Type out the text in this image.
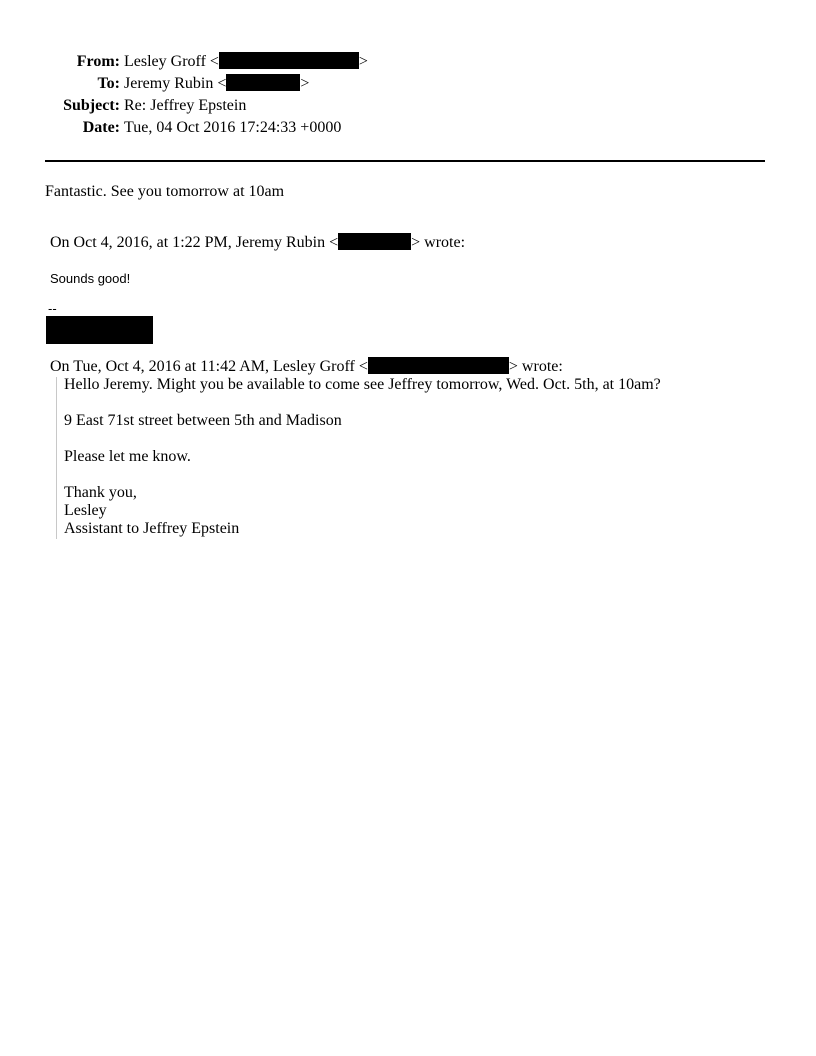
From: Lesley Groff <	>
To: Jeremy Rubin <	>
Subject: Re: Jeffrey Epstein
Date: Tue, 04 Oct 2016 17:24:33 +0000
Fantastic. See you tomorrow at 10am
On Oct 4, 2016, at 1:22 PM, Jeremy Rubin <	> wrote:
Sounds good!
--
On Tue, Oct 4, 2016 at 11:42 AM, Lesley Groff <	> wrote:
Hello Jeremy. Might you be available to come see Jeffrey tomorrow, Wed. Oct. 5th, at 10am?
9 East 71st street between 5th and Madison
Please let me know.
Thank you,
Lesley
Assistant to Jeffrey Epstein
